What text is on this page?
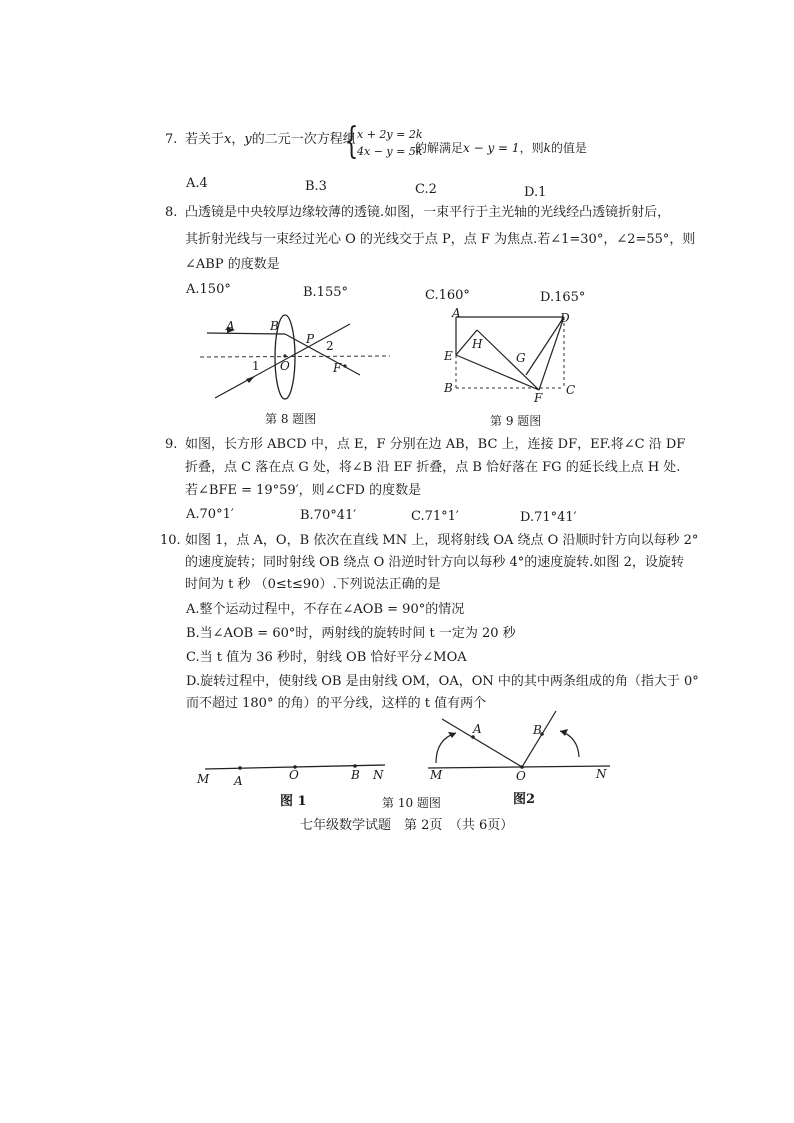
7. 若关于x，y的二元一次方程组
{
x + 2y = 2k
4x − y = 5k
的解满足x − y = 1，则k的值是
A.4	B.3	C.2	D.1
8. 凸透镜是中央较厚边缘较薄的透镜.如图，一束平行于主光轴的光线经凸透镜折射后，
其折射光线与一束经过光心 O 的光线交于点 P，点 F 为焦点.若∠1=30°，∠2=55°，则
∠ABP 的度数是
A.150°	B.155°	C.160°	D.165°
A	B
P 2
1 O	F
第 8 题图
A	D
H
E	G
B
F
C
第 9 题图
9. 如图，长方形 ABCD 中，点 E，F 分别在边 AB，BC 上，连接 DF，EF.将∠C 沿 DF
折叠，点 C 落在点 G 处，将∠B 沿 EF 折叠，点 B 恰好落在 FG 的延长线上点 H 处.
若∠BFE = 19°59′，则∠CFD 的度数是
A.70°1′	B.70°41′	C.71°1′	D.71°41′
10. 如图 1，点 A，O，B 依次在直线 MN 上，现将射线 OA 绕点 O 沿顺时针方向以每秒 2°
的速度旋转；同时射线 OB 绕点 O 沿逆时针方向以每秒 4°的速度旋转.如图 2，设旋转
时间为 t 秒 （0≤t≤90）.下列说法正确的是
A.整个运动过程中，不存在∠AOB = 90°的情况
B.当∠AOB = 60°时，两射线的旋转时间 t 一定为 20 秒
C.当 t 值为 36 秒时，射线 OB 恰好平分∠MOA
D.旋转过程中，使射线 OB 是由射线 OM，OA，ON 中的其中两条组成的角（指大于 0°
而不超过 180° 的角）的平分线，这样的 t 值有两个
M A	O	B N
图 1
M
A
O
B
N
第 10 题图	图2
七年级数学试题　第 2页　（共 6页）
